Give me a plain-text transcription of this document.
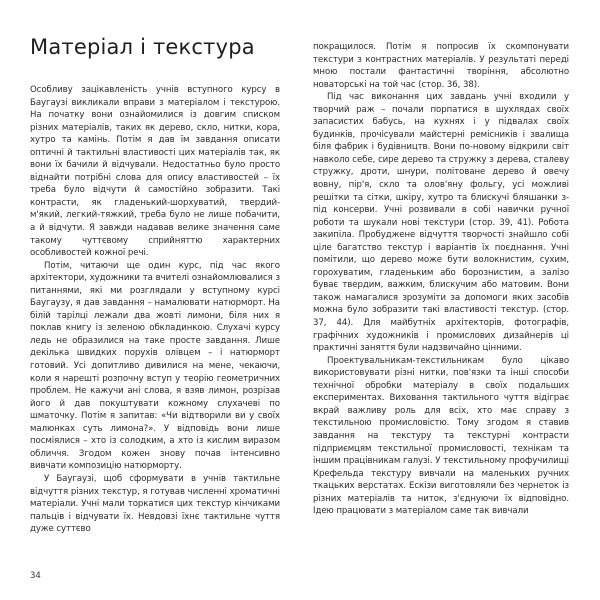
Матеріал і текстура

Особливу зацікавленість учнів вступного курсу в Баугаузі викликали вправи з матеріалом і текстурою. На початку вони ознайомилися із довгим списком різних матеріалів, таких як дерево, скло, нитки, кора, хутро та камінь. Потім я дав їм завдання описати оптичні й тактильні властивості цих матеріалів так, як вони їх бачили й відчували. Недостатньо було просто віднайти потрібні слова для опису властивостей – їх треба було відчути й самостійно зобразити. Такі контрасти, як гладенький-шорхуватий, твердий-м'який, легкий-тяжкий, треба було не лише побачити, а й відчути. Я завжди надавав велике значення саме такому чуттєвому сприйняттю характерних особливостей кожної речі.

Потім, читаючи ще один курс, під час якого архітектори, художники та вчителі ознайомлювалися з питаннями, які ми розглядали у вступному курсі Баугаузу, я дав завдання – намалювати натюрморт. На білій тарілці лежали два жовті лимони, біля них я поклав книгу із зеленою обкладинкою. Слухачі курсу ледь не образилися на таке просте завдання. Лише декілька швидких порухів олівцем – і натюрморт готовий. Усі допитливо дивилися на мене, чекаючи, коли я нарешті розпочну вступ у теорію геометричних проблем. Не кажучи ані слова, я взяв лимон, розрізав його й дав покуштувати кожному слухачеві по шматочку. Потім я запитав: «Чи відтворили ви у своїх малюнках суть лимона?». У відповідь вони лише посміялися – хто із солодким, а хто із кислим виразом обличчя. Згодом кожен знову почав інтенсивно вивчати композицію натюрморту.

У Баугаузі, щоб сформувати в учнів тактильне відчуття різних текстур, я готував численні хроматичні матеріали. Учні мали торкатися цих текстур кінчиками пальців і відчувати їх. Невдовзі їхнє тактильне чуття дуже суттєво

покращилося. Потім я попросив їх скомпонувати текстури з контрастних матеріалів. У результаті переді мною постали фантастичні творіння, абсолютно новаторські на той час (стор. 36, 38).

Під час виконання цих завдань учні входили у творчий раж – почали порпатися в шухлядах своїх запасистих бабусь, на кухнях і у підвалах своїх будинків, прочісували майстерні ремісників і звалища біля фабрик і будівництв. Вони по-новому відкрили світ навколо себе, сире дерево та стружку з дерева, сталеву стружку, дроти, шнури, політоване дерево й овечу вовну, пір'я, скло та олов'яну фольгу, усі можливі решітки та сітки, шкіру, хутро та блискучі бляшанки з-під консерви. Учні розвивали в собі навички ручної роботи та шукали нові текстури (стор. 39, 41). Робота закипіла. Пробуджене відчуття творчості знайшло собі ціле багатство текстур і варіантів їх поєднання. Учні помітили, що дерево може бути волокнистим, сухим, горохуватим, гладеньким або борознистим, а залізо буває твердим, важким, блискучим або матовим. Вони також намагалися зрозуміти за допомоги яких засобів можна було зобразити такі властивості текстур. (стор. 37, 44). Для майбутніх архітекторів, фотографів, графічних художників і промислових дизайнерів ці практичні заняття були надзвичайно цінними.

Проектувальникам-текстильникам було цікаво використовувати різні нитки, пов'язки та інші способи технічної обробки матеріалу в своїх подальших експериментах. Виховання тактильного чуття відіграє вкрай важливу роль для всіх, хто має справу з текстильною промисловістю. Тому згодом я ставив завдання на текстуру та текстурні контрасти підприємцям текстильної промисловості, технікам та іншим працівникам галузі. У текстильному профучилищі Крефельда текстуру вивчали на маленьких ручних ткацьких верстатах. Ескізи виготовляли без чернеток із різних матеріалів та ниток, з'єднуючи їх відповідно. Ідею працювати з матеріалом саме так вивчали

34
